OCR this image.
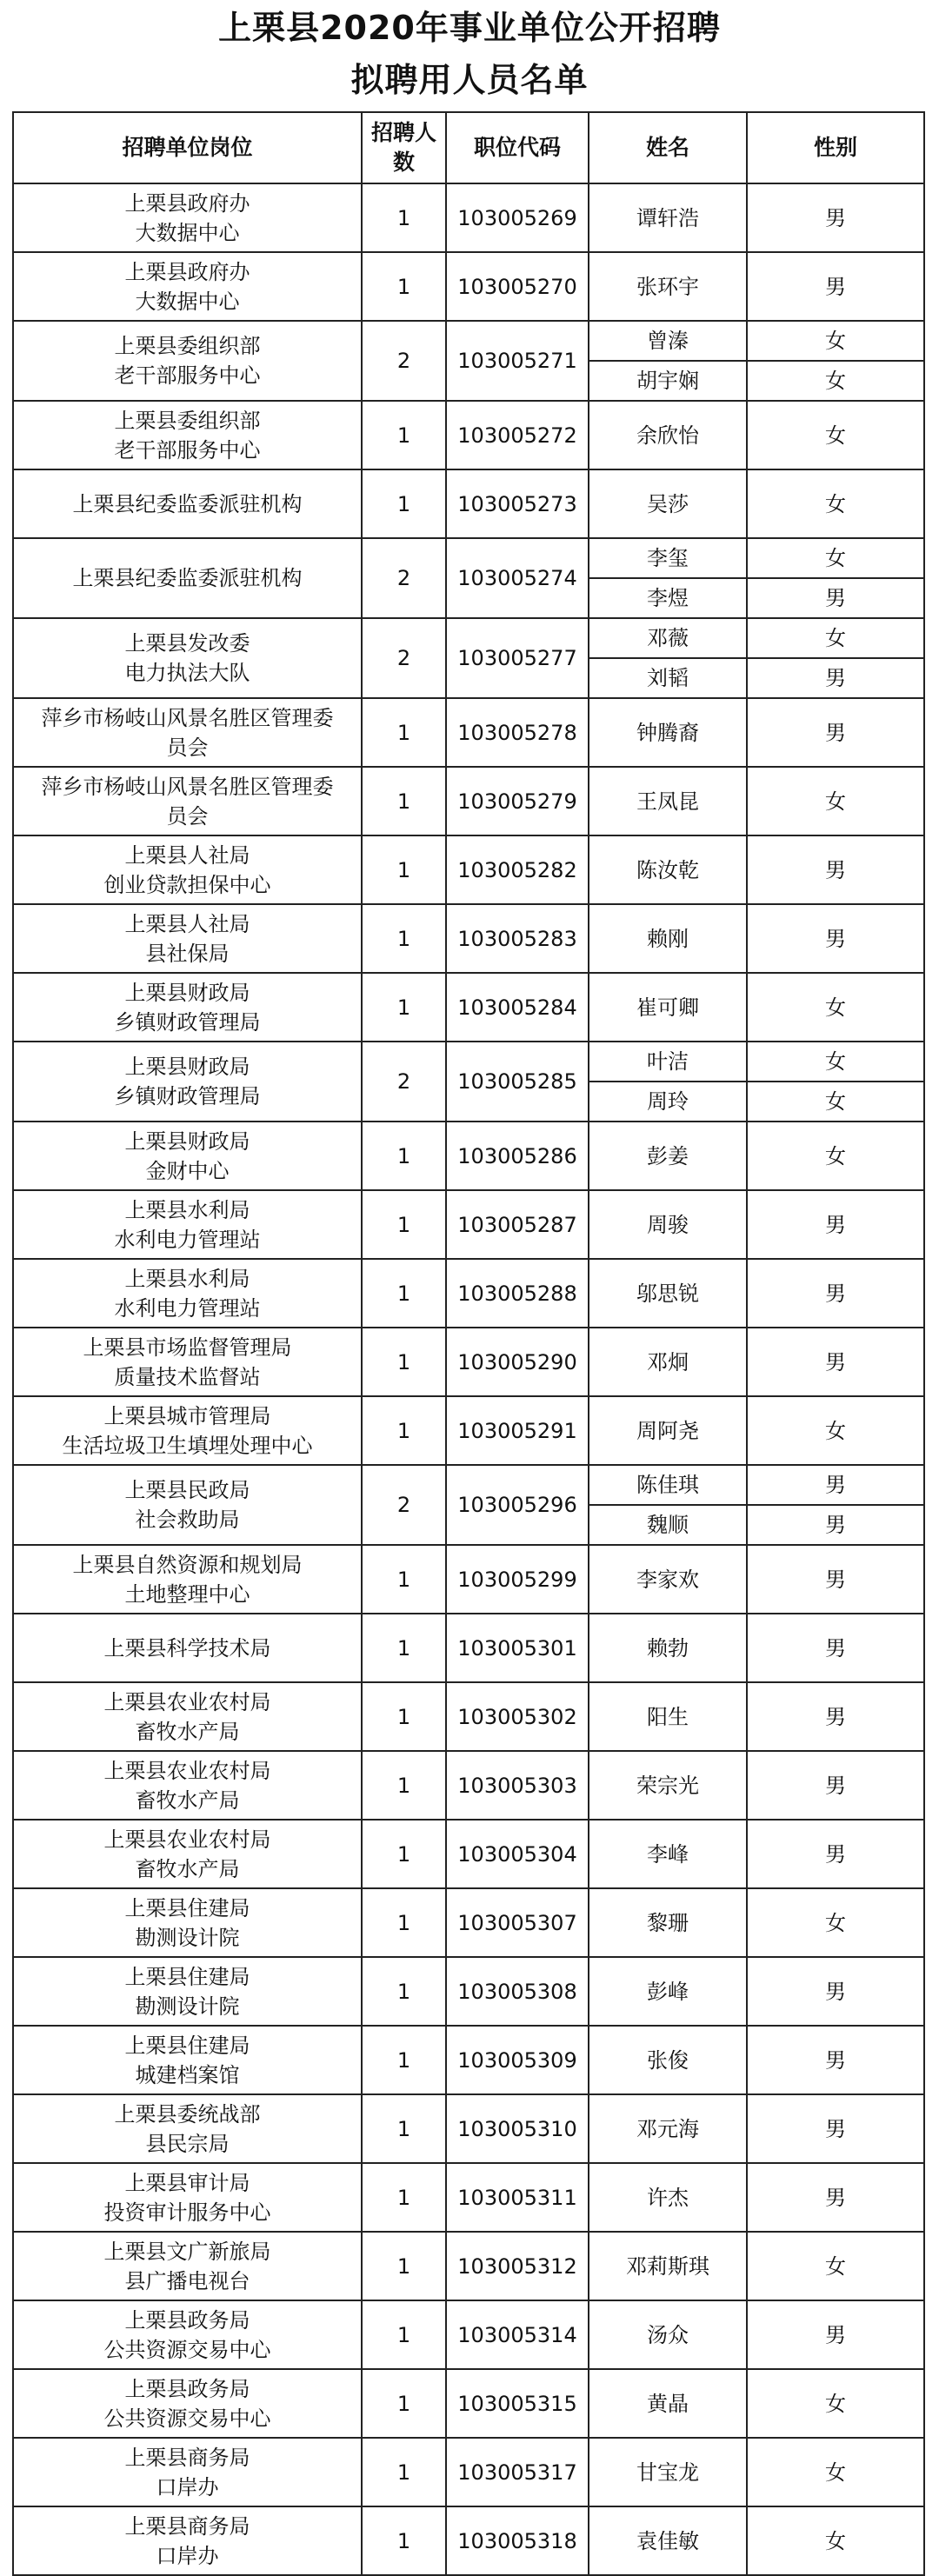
上栗县2020年事业单位公开招聘
拟聘用人员名单
招聘单位岗位	招聘人数	职位代码	姓名	性别
上栗县政府办
大数据中心	1	103005269	谭轩浩	男
上栗县政府办
大数据中心	1	103005270	张环宇	男
上栗县委组织部
老干部服务中心	2	103005271	曾溱	女
			胡宇娴	女
上栗县委组织部
老干部服务中心	1	103005272	余欣怡	女
上栗县纪委监委派驻机构	1	103005273	吴莎	女
上栗县纪委监委派驻机构	2	103005274	李玺	女
			李煜	男
上栗县发改委
电力执法大队	2	103005277	邓薇	女
			刘韬	男
萍乡市杨岐山风景名胜区管理委
员会	1	103005278	钟腾裔	男
萍乡市杨岐山风景名胜区管理委
员会	1	103005279	王凤昆	女
上栗县人社局
创业贷款担保中心	1	103005282	陈汝乾	男
上栗县人社局
县社保局	1	103005283	赖刚	男
上栗县财政局
乡镇财政管理局	1	103005284	崔可卿	女
上栗县财政局
乡镇财政管理局	2	103005285	叶洁	女
			周玲	女
上栗县财政局
金财中心	1	103005286	彭姜	女
上栗县水利局
水利电力管理站	1	103005287	周骏	男
上栗县水利局
水利电力管理站	1	103005288	邬思锐	男
上栗县市场监督管理局
质量技术监督站	1	103005290	邓炯	男
上栗县城市管理局
生活垃圾卫生填埋处理中心	1	103005291	周阿尧	女
上栗县民政局
社会救助局	2	103005296	陈佳琪	男
			魏顺	男
上栗县自然资源和规划局
土地整理中心	1	103005299	李家欢	男
上栗县科学技术局	1	103005301	赖勃	男
上栗县农业农村局
畜牧水产局	1	103005302	阳生	男
上栗县农业农村局
畜牧水产局	1	103005303	荣宗光	男
上栗县农业农村局
畜牧水产局	1	103005304	李峰	男
上栗县住建局
勘测设计院	1	103005307	黎珊	女
上栗县住建局
勘测设计院	1	103005308	彭峰	男
上栗县住建局
城建档案馆	1	103005309	张俊	男
上栗县委统战部
县民宗局	1	103005310	邓元海	男
上栗县审计局
投资审计服务中心	1	103005311	许杰	男
上栗县文广新旅局
县广播电视台	1	103005312	邓莉斯琪	女
上栗县政务局
公共资源交易中心	1	103005314	汤众	男
上栗县政务局
公共资源交易中心	1	103005315	黄晶	女
上栗县商务局
口岸办	1	103005317	甘宝龙	女
上栗县商务局
口岸办	1	103005318	袁佳敏	女
